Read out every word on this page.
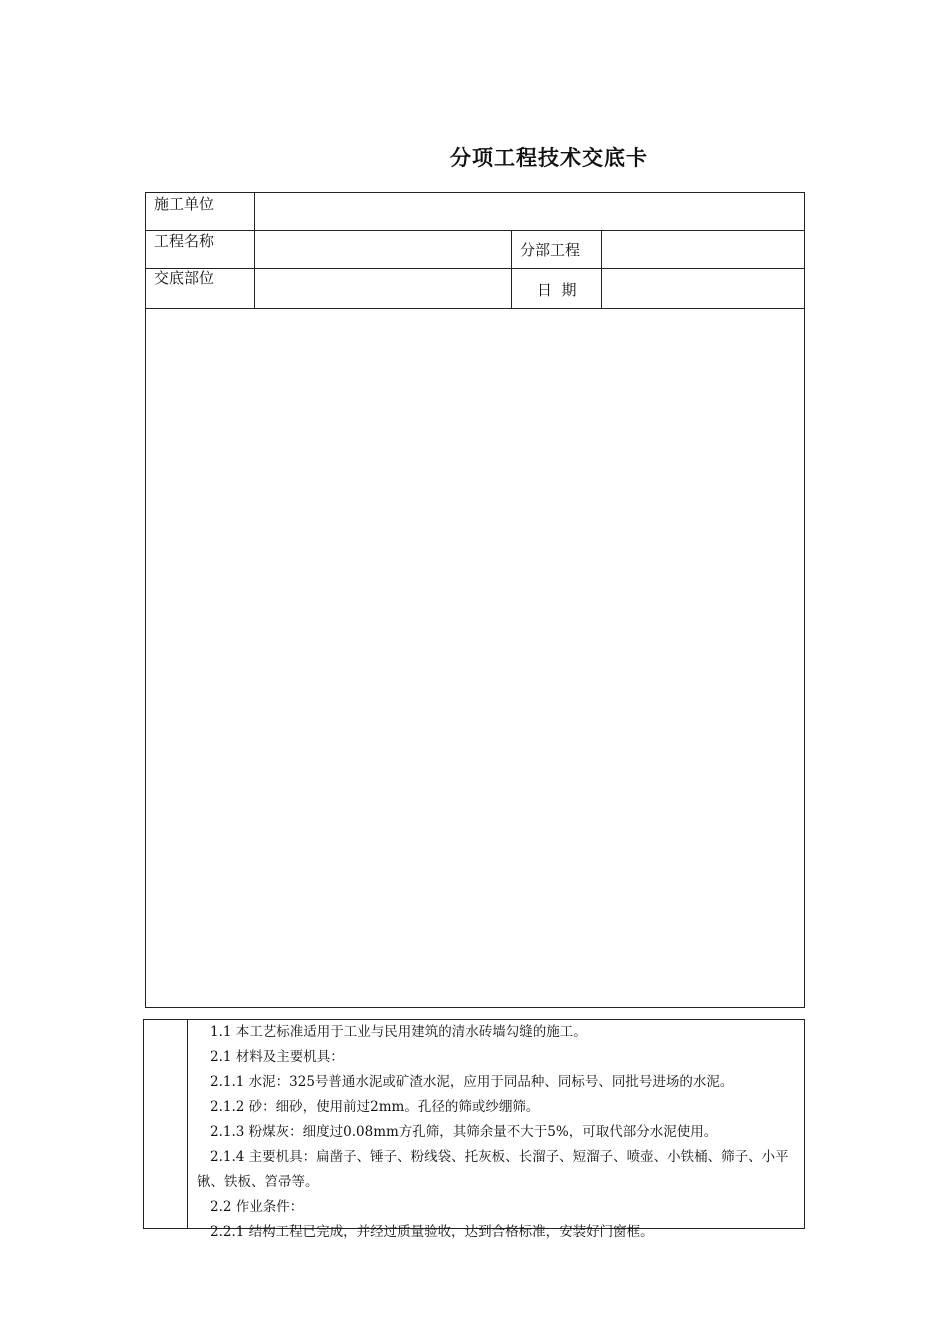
分项工程技术交底卡
施工单位
工程名称	分部工程
交底部位
日  期

1.1 本工艺标准适用于工业与民用建筑的清水砖墙勾缝的施工。

2.1 材料及主要机具：

2.1.1 水泥：325号普通水泥或矿渣水泥，应用于同品种、同标号、同批号进场的水泥。

2.1.2 砂：细砂，使用前过2mm。孔径的筛或纱绷筛。

2.1.3 粉煤灰：细度过0.08mm方孔筛，其筛余量不大于5%，可取代部分水泥使用。

2.1.4 主要机具：扁凿子、锤子、粉线袋、托灰板、长溜子、短溜子、喷壶、小铁桶、筛子、小平锹、铁板、笤帚等。

2.2 作业条件：

2.2.1 结构工程已完成，并经过质量验收，达到合格标准，安装好门窗框。
